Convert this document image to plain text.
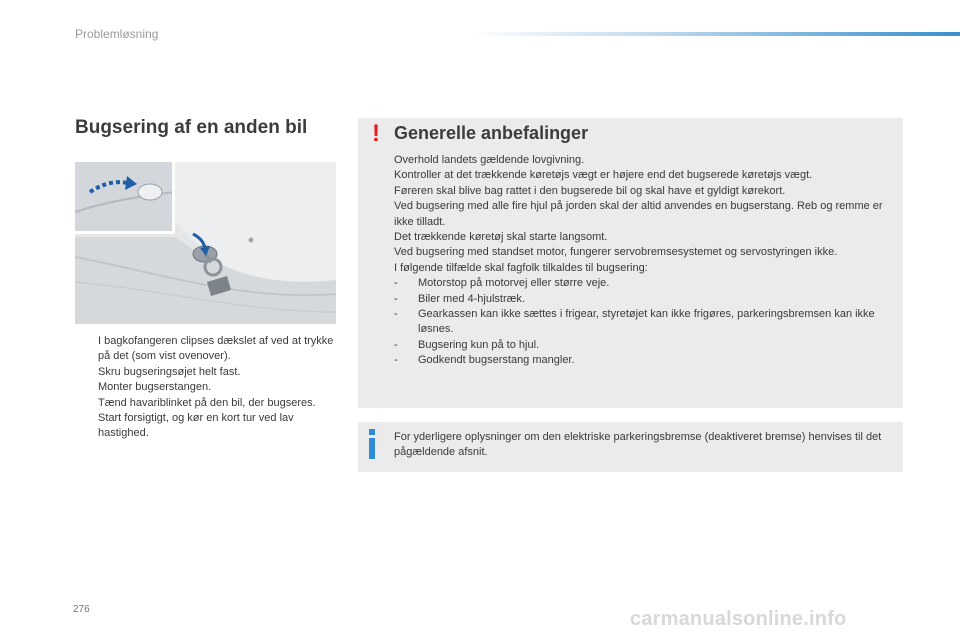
Problemløsning
Bugsering af en anden bil
I bagkofangeren clipses dækslet af ved at trykke på det (som vist ovenover).
Skru bugseringsøjet helt fast.
Monter bugserstangen.
Tænd havariblinket på den bil, der bugseres.
Start forsigtigt, og kør en kort tur ved lav hastighed.
! Generelle anbefalinger

Overhold landets gældende lovgivning.

Kontroller at det trækkende køretøjs vægt er højere end det bugserede køretøjs vægt.

Føreren skal blive bag rattet i den bugserede bil og skal have et gyldigt kørekort.

Ved bugsering med alle fire hjul på jorden skal der altid anvendes en bugserstang. Reb og remme er ikke tilladt.

Det trækkende køretøj skal starte langsomt.

Ved bugsering med standset motor, fungerer servobremsesystemet og servostyringen ikke.

I følgende tilfælde skal fagfolk tilkaldes til bugsering:

- Motorstop på motorvej eller større veje.

- Biler med 4-hjulstræk.

- Gearkassen kan ikke sættes i frigear, styretøjet kan ikke frigøres, parkeringsbremsen kan ikke løsnes.

- Bugsering kun på to hjul.

- Godkendt bugserstang mangler.

For yderligere oplysninger om den elektriske parkeringsbremse (deaktiveret bremse) henvises til det pågældende afsnit.
276	carmanualsonline.info
